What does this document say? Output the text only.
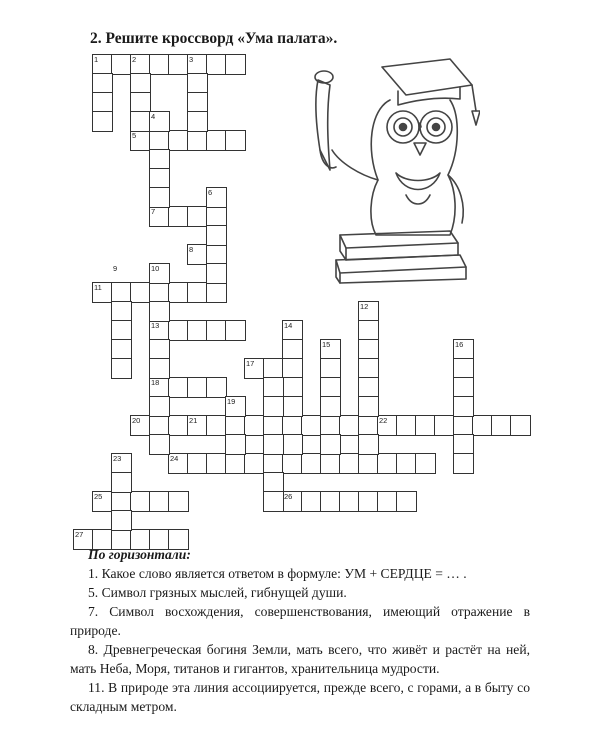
2. Решите кроссворд «Ума палата».
1	2	3
4
5
6
7
8
9	10
11
12
13	14
15	16
17
18
19
20	21	22
23	24
25	26
27
По горизонтали:
1. Какое слово является ответом в формуле: УМ + СЕРДЦЕ = … .
5. Символ грязных мыслей, гибнущей души.
7. Символ восхождения, совершенствования, имеющий отражение в природе.
8. Древнегреческая богиня Земли, мать всего, что живёт и растёт на ней, мать Неба, Моря, титанов и гигантов, хранительница мудрости.
11. В природе эта линия ассоциируется, прежде всего, с горами, а в быту со складным метром.
